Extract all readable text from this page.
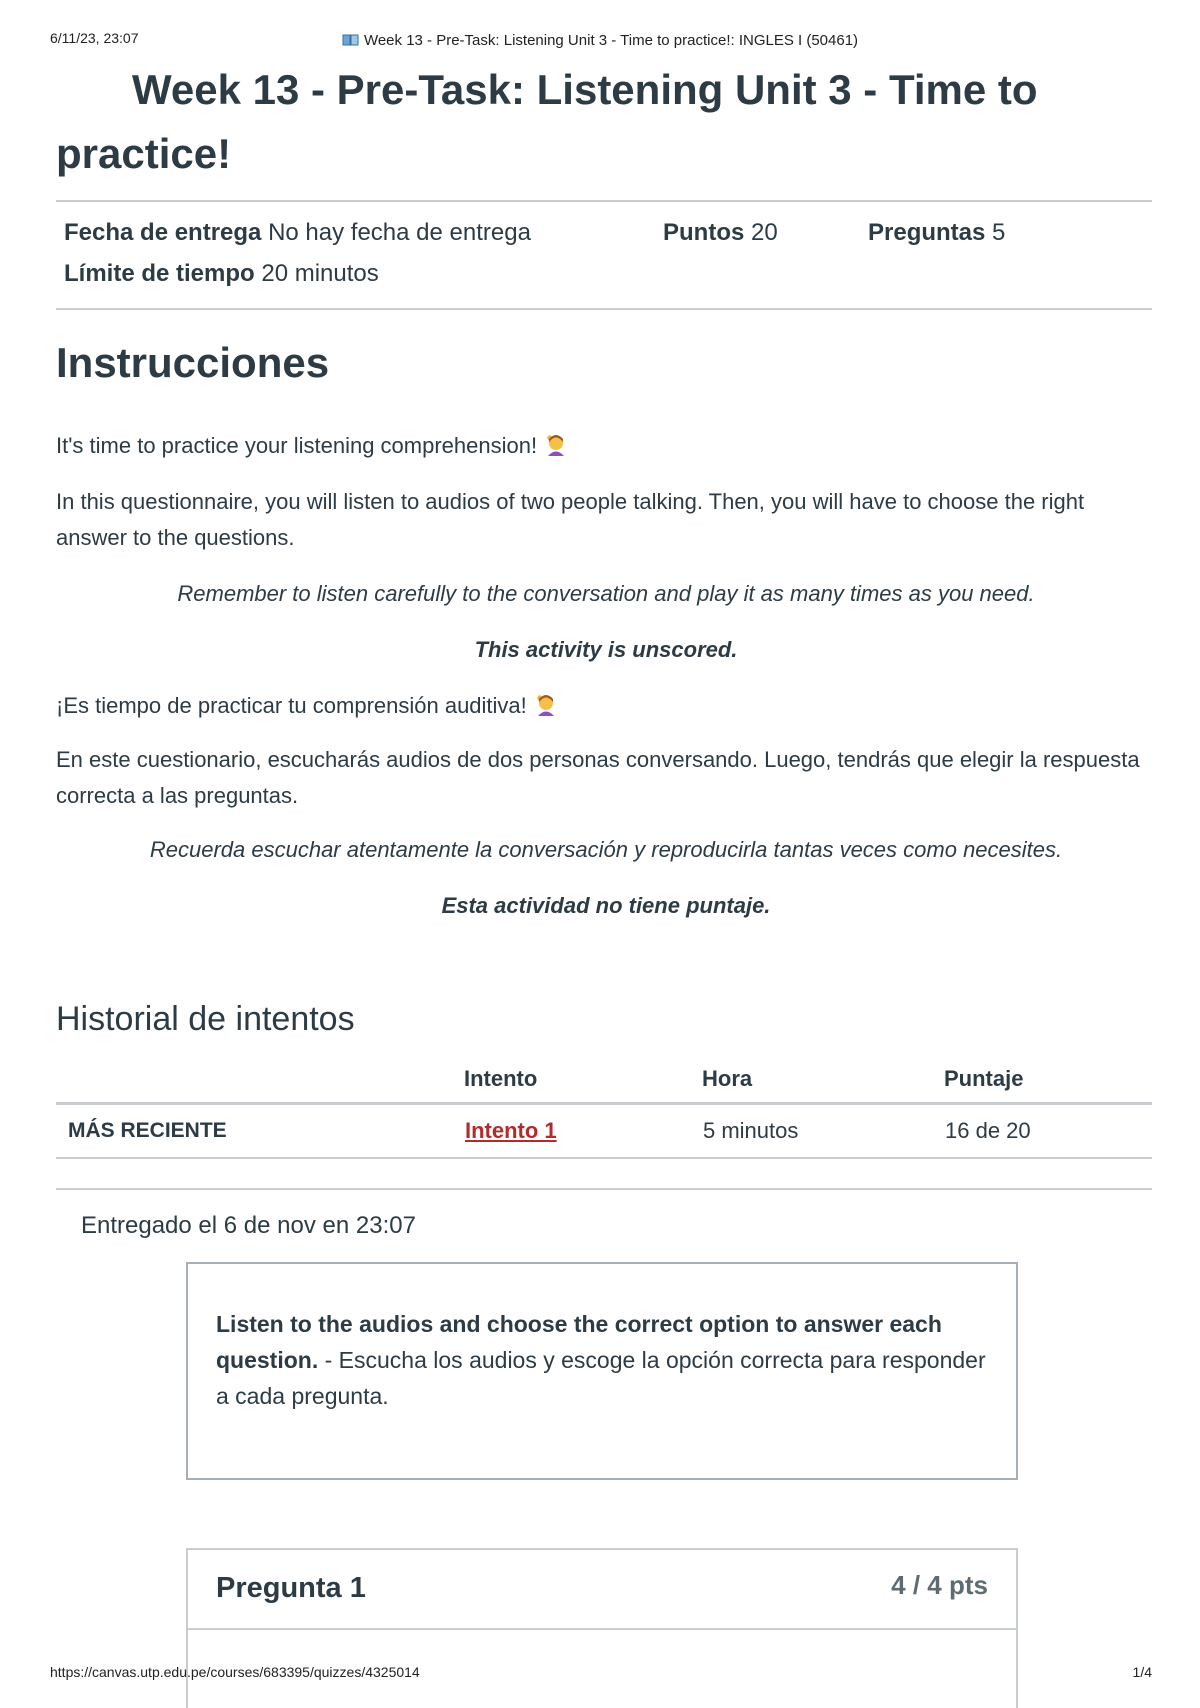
6/11/23, 23:07	Week 13 - Pre-Task: Listening Unit 3 - Time to practice!: INGLES I (50461)
Week 13 - Pre-Task: Listening Unit 3 - Time to practice!
Fecha de entrega No hay fecha de entrega	Puntos 20	Preguntas 5
Límite de tiempo 20 minutos
Instrucciones

It's time to practice your listening comprehension!

In this questionnaire, you will listen to audios of two people talking. Then, you will have to choose the right answer to the questions.

Remember to listen carefully to the conversation and play it as many times as you need.

This activity is unscored.

¡Es tiempo de practicar tu comprensión auditiva!

En este cuestionario, escucharás audios de dos personas conversando. Luego, tendrás que elegir la respuesta correcta a las preguntas.

Recuerda escuchar atentamente la conversación y reproducirla tantas veces como necesites.

Esta actividad no tiene puntaje.

Historial de intentos
	Intento	Hora	Puntaje
MÁS RECIENTE	Intento 1	5 minutos	16 de 20
Entregado el 6 de nov en 23:07
Listen to the audios and choose the correct option to answer each question. - Escucha los audios y escoge la opción correcta para responder a cada pregunta.
Pregunta 1	4 / 4 pts
https://canvas.utp.edu.pe/courses/683395/quizzes/4325014	1/4
